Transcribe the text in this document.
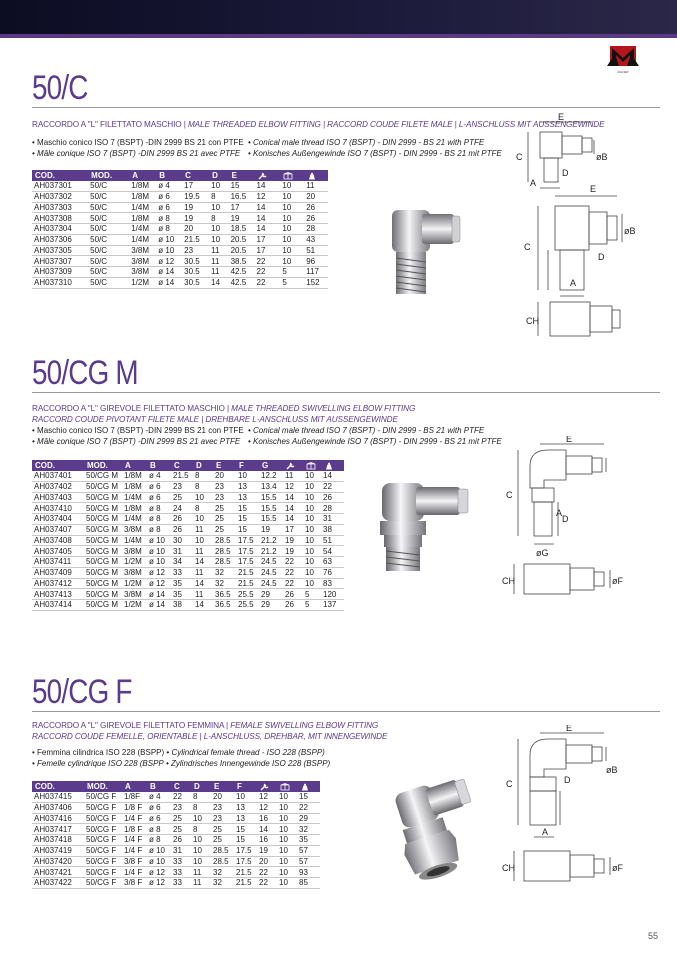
AIGNEP
50/C
RACCORDO A "L" FILETTATO MASCHIO | MALE THREADED ELBOW FITTING | RACCORD COUDE FILETE MALE | L-ANSCHLUSS MIT AUSSENGEWINDE
• Maschio conico ISO 7 (BSPT) -DIN 2999 BS 21 con PTFE • Conical male thread ISO 7 (BSPT) - DIN 2999 - BS 21 with PTFE
• Mâle conique ISO 7 (BSPT) -DIN 2999 BS 21 avec PTFE • Konisches Außengewinde ISO 7 (BSPT) - DIN 2999 - BS 21 mit PTFE
COD.	MOD.	A	B	C	D	E			
AH037301	50/C	1/8M	ø 4	17	10	15	14	10	11
AH037302	50/C	1/8M	ø 6	19.5	8	16.5	12	10	20
AH037303	50/C	1/4M	ø 6	19	10	17	14	10	26
AH037308	50/C	1/8M	ø 8	19	8	19	14	10	26
AH037304	50/C	1/4M	ø 8	20	10	18.5	14	10	28
AH037306	50/C	1/4M	ø 10	21.5	10	20.5	17	10	43
AH037305	50/C	3/8M	ø 10	23	11	20.5	17	10	51
AH037307	50/C	3/8M	ø 12	30.5	11	38.5	22	10	96
AH037309	50/C	3/8M	ø 14	30.5	11	42.5	22	5	117
AH037310	50/C	1/2M	ø 14	30.5	14	42.5	22	5	152
E
C
D
øB
A
E
C
øB
D
A
CH
50/CG M
RACCORDO A "L" GIREVOLE FILETTATO MASCHIO | MALE THREADED SWIVELLING ELBOW FITTING
RACCORD COUDE PIVOTANT FILETE MALE | DREHBARE L-ANSCHLUSS MIT AUSSENGEWINDE
• Maschio conico ISO 7 (BSPT) -DIN 2999 BS 21 con PTFE • Conical male thread ISO 7 (BSPT) - DIN 2999 - BS 21 with PTFE
• Mâle conique ISO 7 (BSPT) -DIN 2999 BS 21 avec PTFE • Konisches Außengewinde ISO 7 (BSPT) - DIN 2999 - BS 21 mit PTFE
COD.	MOD.	A	B	C	D	E	F	G			
AH037401	50/CG M	1/8M	ø 4	21.5	8	20	10	12.2	11	10	14
AH037402	50/CG M	1/8M	ø 6	23	8	23	13	13.4	12	10	22
AH037403	50/CG M	1/4M	ø 6	25	10	23	13	15.5	14	10	26
AH037410	50/CG M	1/8M	ø 8	24	8	25	15	15.5	14	10	28
AH037404	50/CG M	1/4M	ø 8	26	10	25	15	15.5	14	10	31
AH037407	50/CG M	3/8M	ø 8	26	11	25	15	19	17	10	38
AH037408	50/CG M	1/4M	ø 10	30	10	28.5	17.5	21.2	19	10	51
AH037405	50/CG M	3/8M	ø 10	31	11	28.5	17.5	21.2	19	10	54
AH037411	50/CG M	1/2M	ø 10	34	14	28.5	17.5	24.5	22	10	63
AH037409	50/CG M	3/8M	ø 12	33	11	32	21.5	24.5	22	10	76
AH037412	50/CG M	1/2M	ø 12	35	14	32	21.5	24.5	22	10	83
AH037413	50/CG M	3/8M	ø 14	35	11	36.5	25.5	29	26	5	120
AH037414	50/CG M	1/2M	ø 14	38	14	36.5	25.5	29	26	5	137
E
C
D
øG
A
CH	øF
50/CG F
RACCORDO A "L" GIREVOLE FILETTATO FEMMINA | FEMALE SWIVELLING ELBOW FITTING
RACCORD COUDE FEMELLE, ORIENTABLE | L-ANSCHLUSS, DREHBAR, MIT INNENGEWINDE
• Femmina cilindrica ISO 228 (BSPP) • Cylindrical female thread - ISO 228 (BSPP)
• Femelle cylindrique ISO 228 (BSPP • Zylindrisches Innengewinde ISO 228 (BSPP)
COD.	MOD.	A	B	C	D	E	F			
AH037415	50/CG F	1/8F	ø 4	22	8	20	10	12	10	15
AH037406	50/CG F	1/8 F	ø 6	23	8	23	13	12	10	22
AH037416	50/CG F	1/4 F	ø 6	25	10	23	13	16	10	29
AH037417	50/CG F	1/8 F	ø 8	25	8	25	15	14	10	32
AH037418	50/CG F	1/4 F	ø 8	26	10	25	15	16	10	35
AH037419	50/CG F	1/4 F	ø 10	31	10	28.5	17.5	19	10	57
AH037420	50/CG F	3/8 F	ø 10	33	10	28.5	17.5	20	10	57
AH037421	50/CG F	1/4 F	ø 12	33	11	32	21.5	22	10	93
AH037422	50/CG F	3/8 F	ø 12	33	11	32	21.5	22	10	85
E
C	D
øB
A
CH	øF
55
